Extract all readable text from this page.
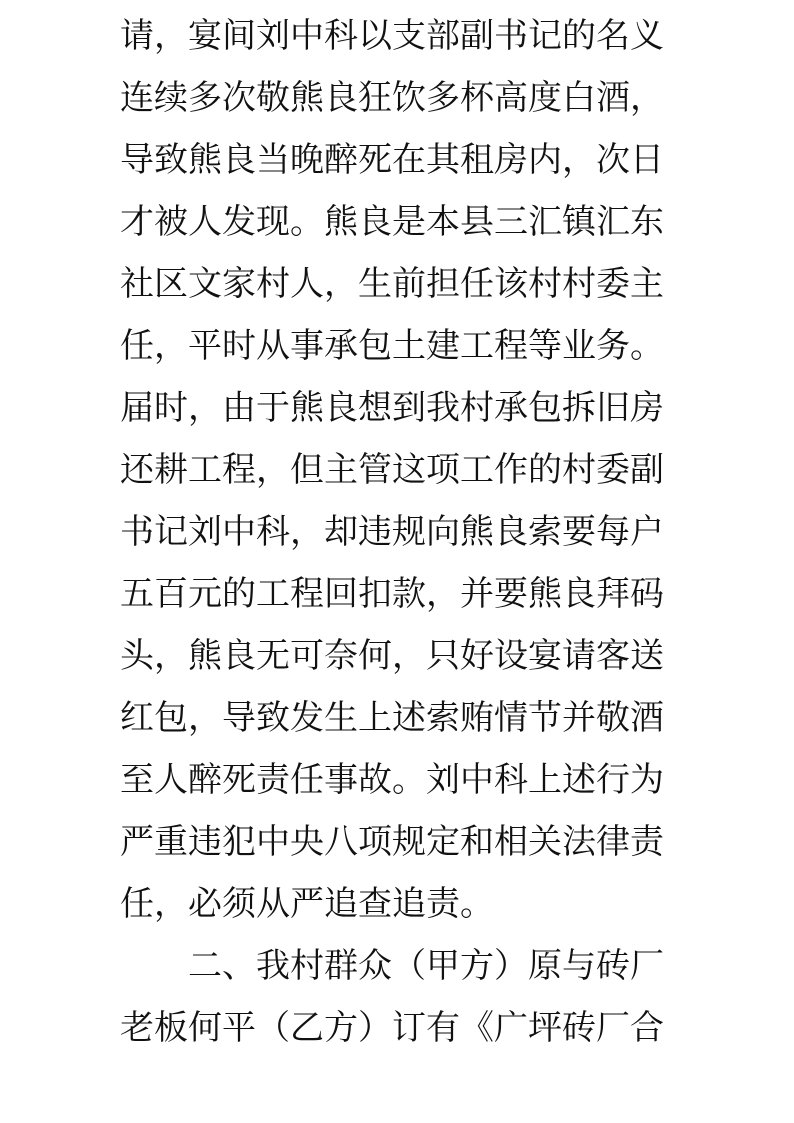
请，宴间刘中科以支部副书记的名义
连续多次敬熊良狂饮多杯高度白酒，
导致熊良当晚醉死在其租房内，次日
才被人发现。熊良是本县三汇镇汇东
社区文家村人，生前担任该村村委主
任，平时从事承包土建工程等业务。
届时，由于熊良想到我村承包拆旧房
还耕工程，但主管这项工作的村委副
书记刘中科，却违规向熊良索要每户
五百元的工程回扣款，并要熊良拜码
头，熊良无可奈何，只好设宴请客送
红包，导致发生上述索贿情节并敬酒
至人醉死责任事故。刘中科上述行为
严重违犯中央八项规定和相关法律责
任，必须从严追查追责。
二、我村群众（甲方）原与砖厂
老板何平（乙方）订有《广坪砖厂合
